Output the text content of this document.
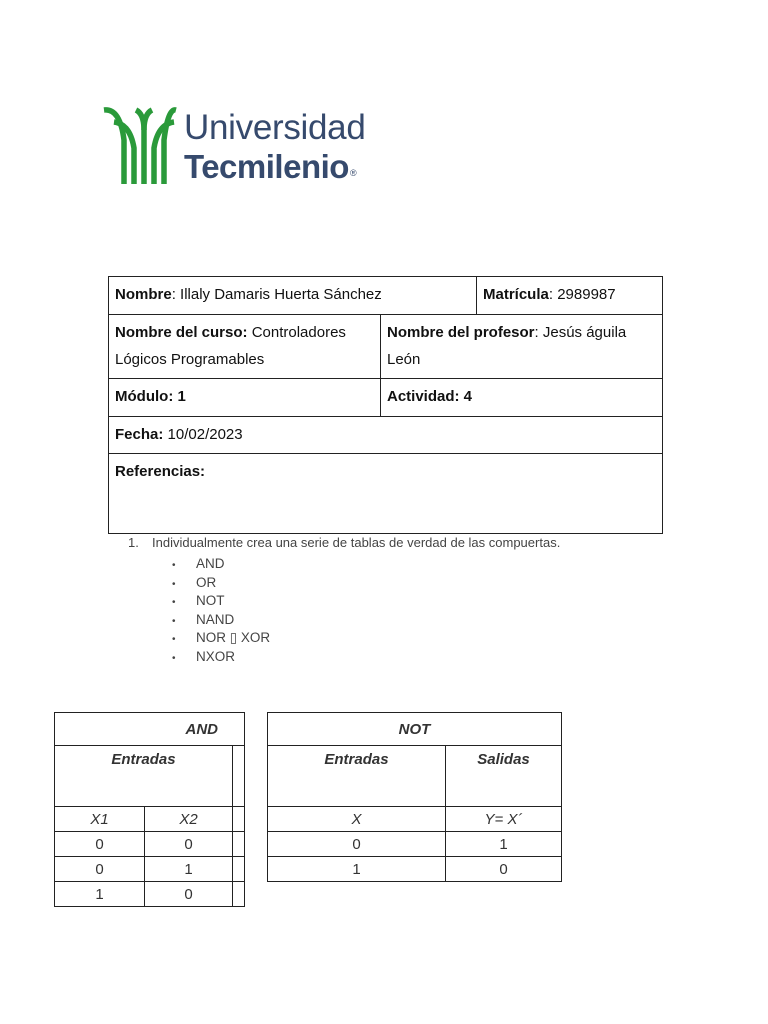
Universidad
Tecmilenio®
Nombre: Illaly Damaris Huerta Sánchez		Matrícula: 2989987
Nombre del curso: Controladores Lógicos Programables	Nombre del profesor: Jesús águila León	
Módulo: 1	Actividad: 4	
Fecha: 10/02/2023		
Referencias:		
1. Individualmente crea una serie de tablas de verdad de las compuertas.
• AND
• OR
• NOT
• NAND
• NOR ▯ XOR
• NXOR
AND		
Entradas		
X1	X2	
0	0	
0	1	
1	0	
NOT	
Entradas	Salidas
X	Y= X´
0	1
1	0
